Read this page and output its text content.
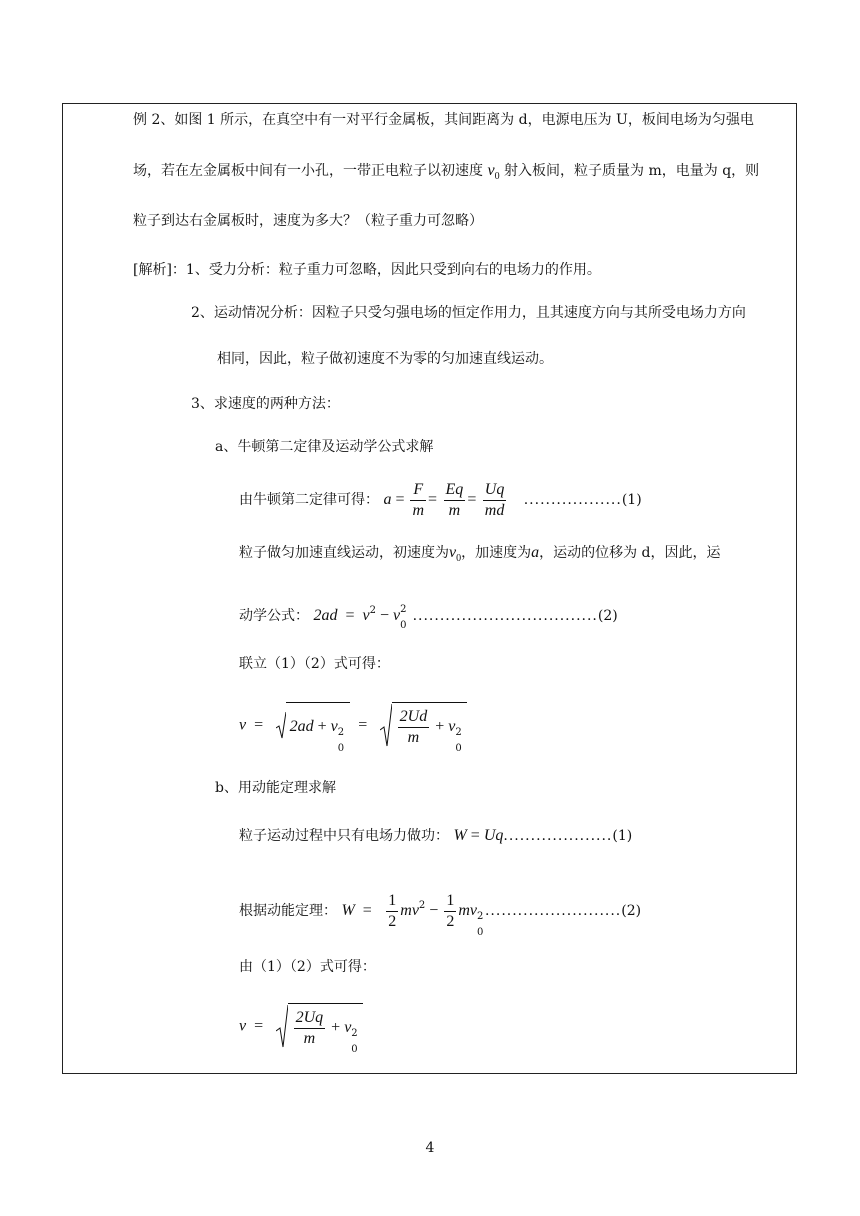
例 2、如图 1 所示，在真空中有一对平行金属板，其间距离为 d，电源电压为 U，板间电场为匀强电
场，若在左金属板中间有一小孔，一带正电粒子以初速度 $v_0$ 射入板间，粒子质量为 m，电量为 q，则
粒子到达右金属板时，速度为多大？（粒子重力可忽略）
[解析]：1、受力分析：粒子重力可忽略，因此只受到向右的电场力的作用。
2、运动情况分析：因粒子只受匀强电场的恒定作用力，且其速度方向与其所受电场力方向
相同，因此，粒子做初速度不为零的匀加速直线运动。
3、求速度的两种方法：
a、牛顿第二定律及运动学公式求解
由牛顿第二定律可得： $a = \frac{F}{m} = \frac{Eq}{m} = \frac{Uq}{md} ..................(1)$
粒子做匀加速直线运动，初速度为$v_0$，加速度为a，运动的位移为 d，因此，运
动学公式： $2ad = v^2 - v$ 2
0
..................................(2)
联立（1）（2）式可得：
v  =   2ad + v 2
0
= $\frac{2Ud}{m} + v$ 2
0
b、用动能定理求解
粒子运动过程中只有电场力做功： W = Uq....................(1)
根据动能定理： $W = \frac{1}{2} mv^2 - \frac{1}{2}$ mv 2
0
.........................(2)
由（1）（2）式可得：
$v = \frac{2Uq}{m} + v$ 2
0
4
